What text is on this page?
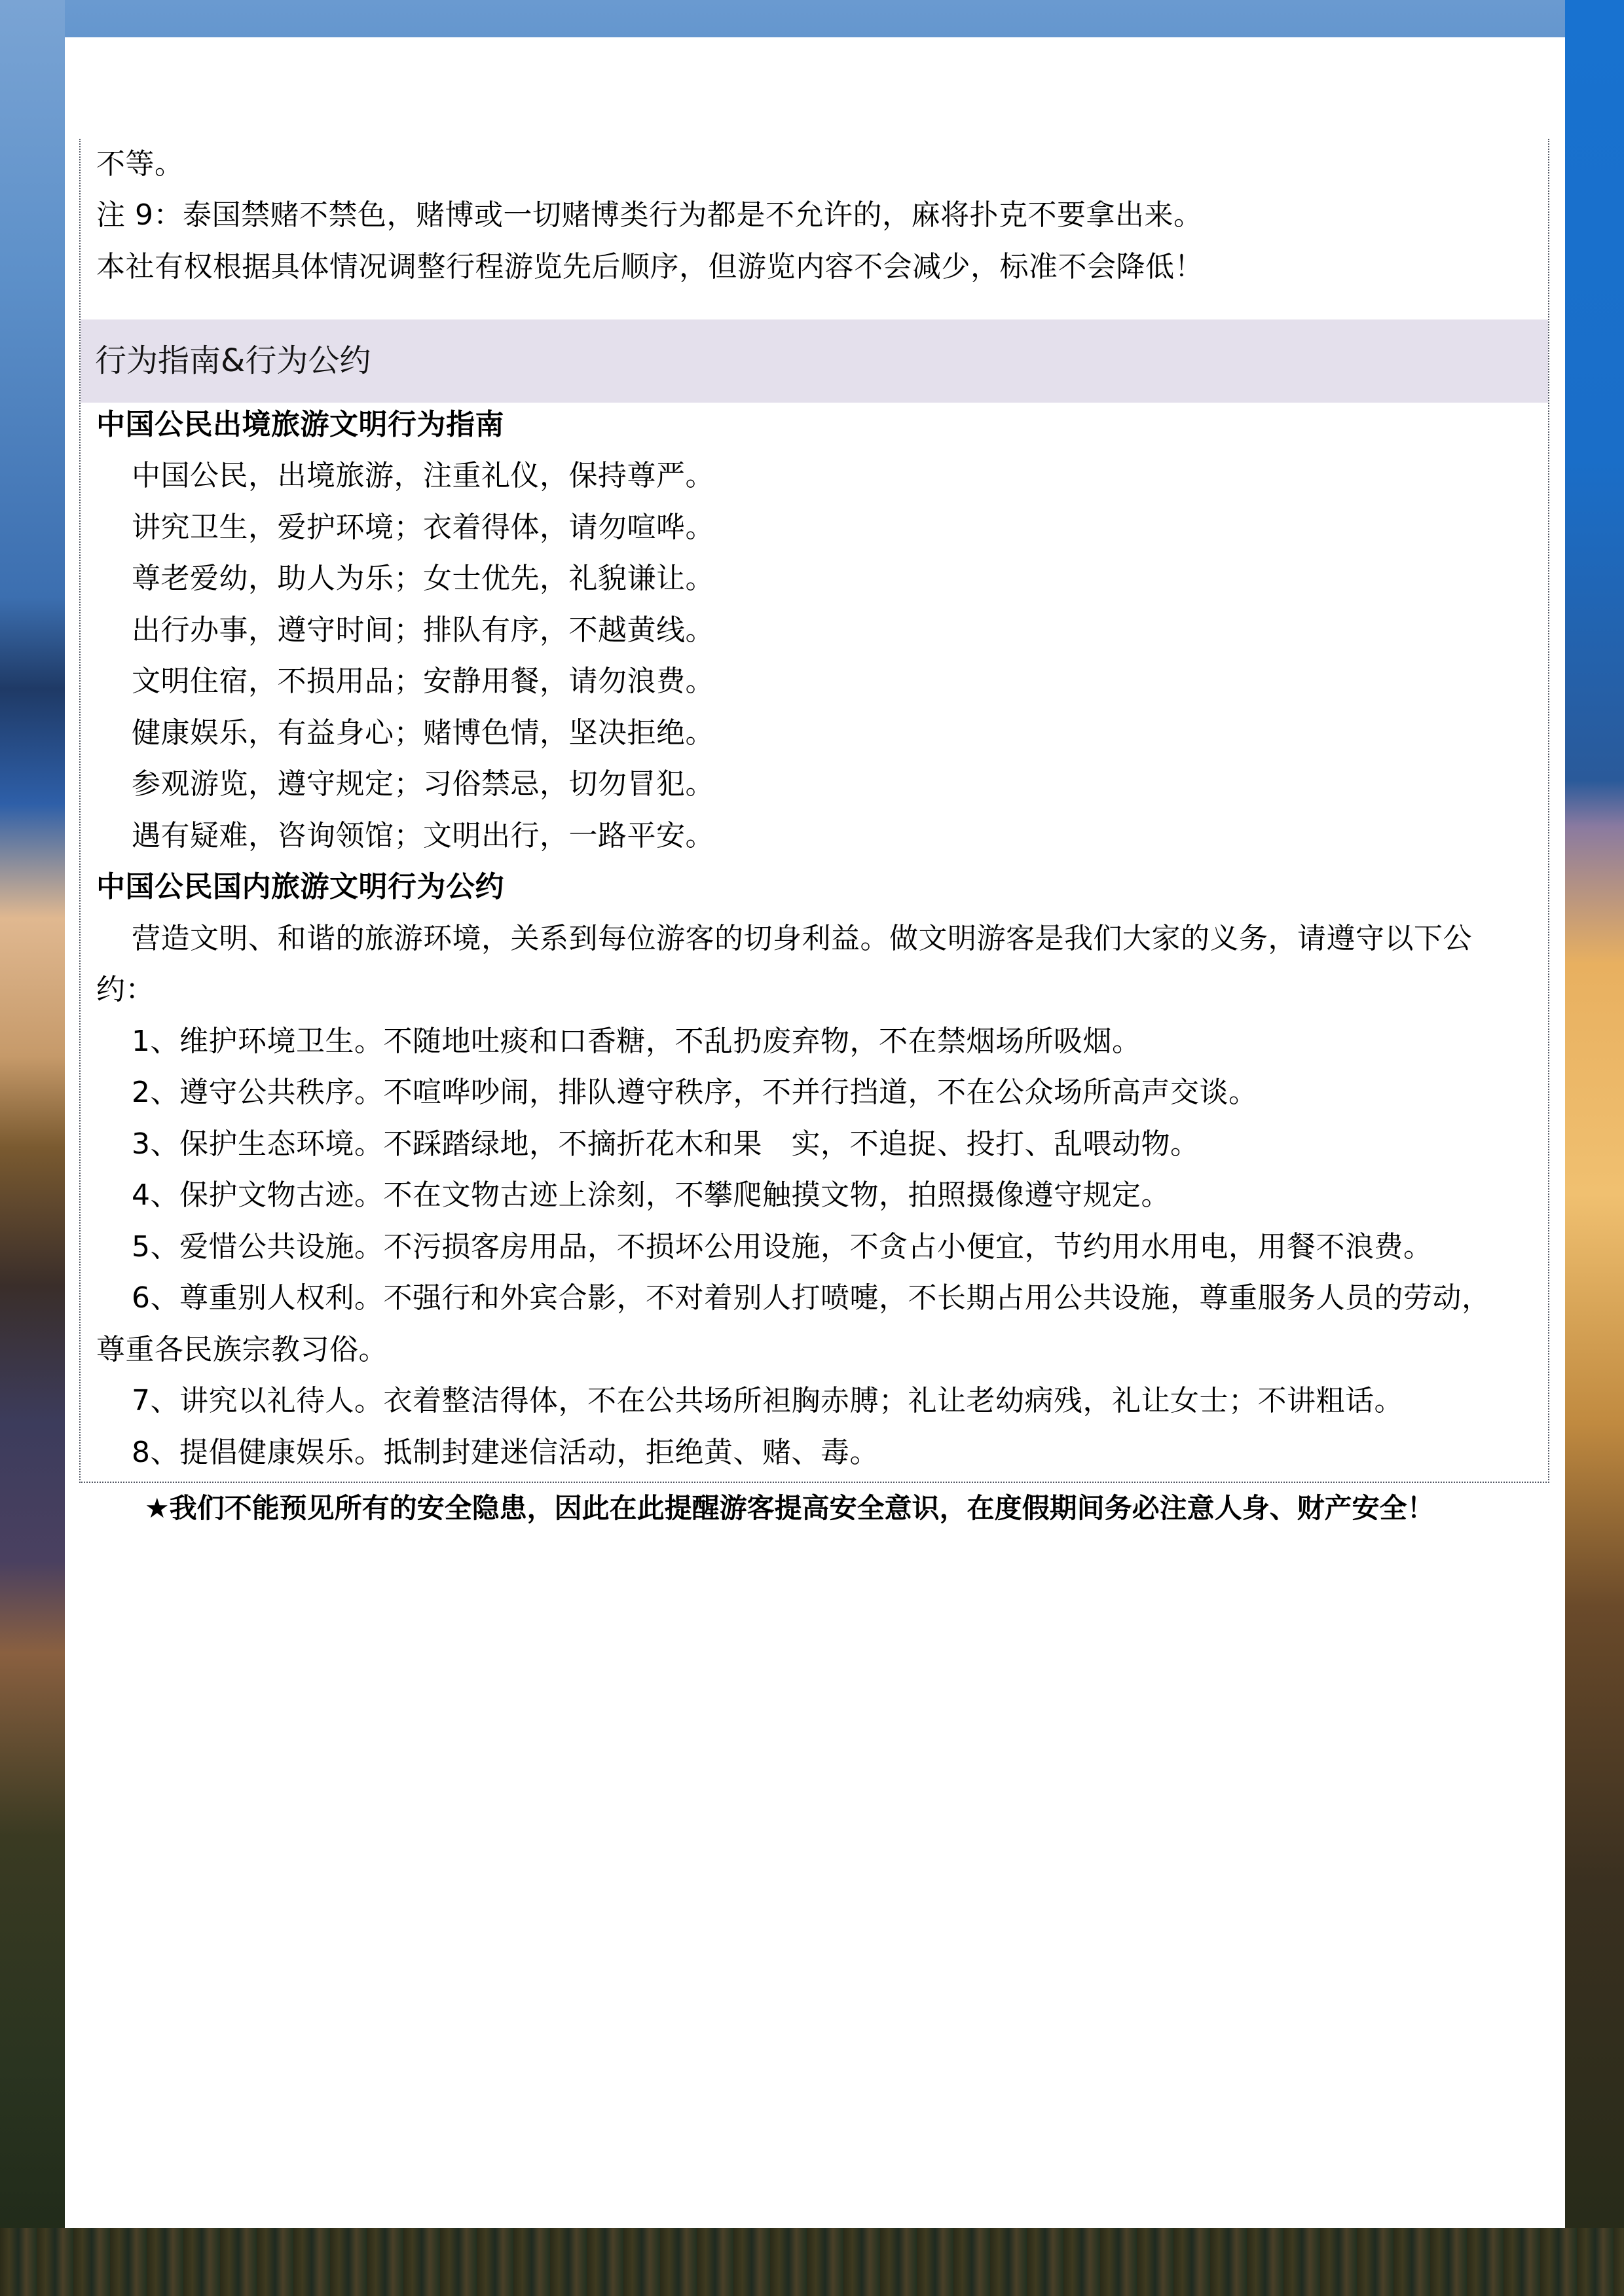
不等。
注 9：泰国禁赌不禁色，赌博或一切赌博类行为都是不允许的，麻将扑克不要拿出来。
本社有权根据具体情况调整行程游览先后顺序，但游览内容不会减少，标准不会降低！
行为指南&行为公约
中国公民出境旅游文明行为指南
中国公民，出境旅游，注重礼仪，保持尊严。
讲究卫生，爱护环境；衣着得体，请勿喧哗。
尊老爱幼，助人为乐；女士优先，礼貌谦让。
出行办事，遵守时间；排队有序，不越黄线。
文明住宿，不损用品；安静用餐，请勿浪费。
健康娱乐，有益身心；赌博色情，坚决拒绝。
参观游览，遵守规定；习俗禁忌，切勿冒犯。
遇有疑难，咨询领馆；文明出行，一路平安。
中国公民国内旅游文明行为公约
营造文明、和谐的旅游环境，关系到每位游客的切身利益。做文明游客是我们大家的义务，请遵守以下公
约：
1、维护环境卫生。不随地吐痰和口香糖，不乱扔废弃物，不在禁烟场所吸烟。
2、遵守公共秩序。不喧哗吵闹，排队遵守秩序，不并行挡道，不在公众场所高声交谈。
3、保护生态环境。不踩踏绿地，不摘折花木和果　实，不追捉、投打、乱喂动物。
4、保护文物古迹。不在文物古迹上涂刻，不攀爬触摸文物，拍照摄像遵守规定。
5、爱惜公共设施。不污损客房用品，不损坏公用设施，不贪占小便宜，节约用水用电，用餐不浪费。
6、尊重别人权利。不强行和外宾合影，不对着别人打喷嚏，不长期占用公共设施，尊重服务人员的劳动，
尊重各民族宗教习俗。
7、讲究以礼待人。衣着整洁得体，不在公共场所袒胸赤膊；礼让老幼病残，礼让女士；不讲粗话。
8、提倡健康娱乐。抵制封建迷信活动，拒绝黄、赌、毒。
★我们不能预见所有的安全隐患，因此在此提醒游客提高安全意识，在度假期间务必注意人身、财产安全！
